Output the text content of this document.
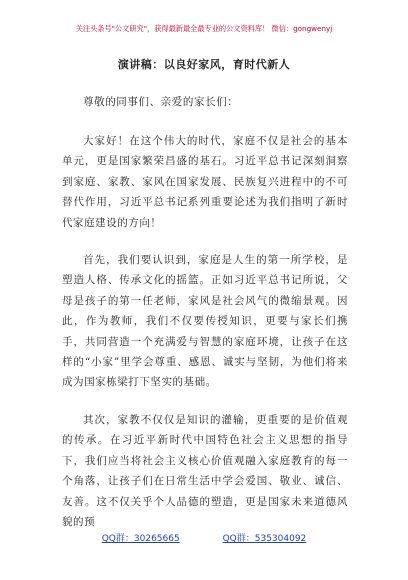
关注头条号"公文研究"，获得最新最全最专业的公文资料库！ 微信：gongwenyj
演讲稿：以良好家风，育时代新人

尊敬的同事们、亲爱的家长们：

大家好！在这个伟大的时代，家庭不仅是社会的基本单元，更是国家繁荣昌盛的基石。习近平总书记深刻洞察到家庭、家教、家风在国家发展、民族复兴进程中的不可替代作用，习近平总书记系列重要论述为我们指明了新时代家庭建设的方向！

首先，我们要认识到，家庭是人生的第一所学校，是塑造人格、传承文化的摇篮。正如习近平总书记所说，父母是孩子的第一任老师，家风是社会风气的微缩景观。因此，作为教师，我们不仅要传授知识，更要与家长们携手，共同营造一个充满爱与智慧的家庭环境，让孩子在这样的“小家”里学会尊重、感恩、诚实与坚韧，为他们将来成为国家栋梁打下坚实的基础。

其次，家教不仅仅是知识的灌输，更重要的是价值观的传承。在习近平新时代中国特色社会主义思想的指导下，我们应当将社会主义核心价值观融入家庭教育的每一个角落，让孩子们在日常生活中学会爱国、敬业、诚信、友善。这不仅关乎个人品德的塑造，更是国家未来道德风貌的预

QQ群：30265665	QQ群：535304092
